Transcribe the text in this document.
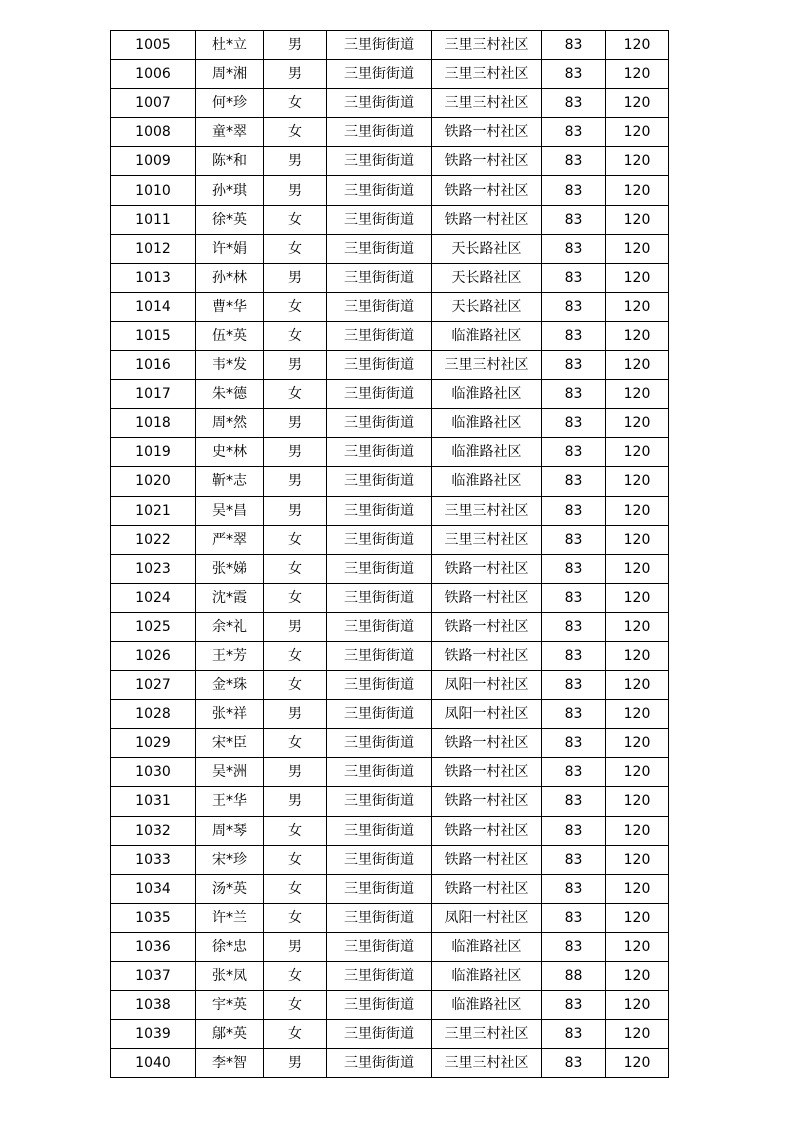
1005	杜*立	男	三里街街道	三里三村社区	83	120
1006	周*湘	男	三里街街道	三里三村社区	83	120
1007	何*珍	女	三里街街道	三里三村社区	83	120
1008	童*翠	女	三里街街道	铁路一村社区	83	120
1009	陈*和	男	三里街街道	铁路一村社区	83	120
1010	孙*琪	男	三里街街道	铁路一村社区	83	120
1011	徐*英	女	三里街街道	铁路一村社区	83	120
1012	许*娟	女	三里街街道	天长路社区	83	120
1013	孙*林	男	三里街街道	天长路社区	83	120
1014	曹*华	女	三里街街道	天长路社区	83	120
1015	伍*英	女	三里街街道	临淮路社区	83	120
1016	韦*发	男	三里街街道	三里三村社区	83	120
1017	朱*德	女	三里街街道	临淮路社区	83	120
1018	周*然	男	三里街街道	临淮路社区	83	120
1019	史*林	男	三里街街道	临淮路社区	83	120
1020	靳*志	男	三里街街道	临淮路社区	83	120
1021	吴*昌	男	三里街街道	三里三村社区	83	120
1022	严*翠	女	三里街街道	三里三村社区	83	120
1023	张*娣	女	三里街街道	铁路一村社区	83	120
1024	沈*霞	女	三里街街道	铁路一村社区	83	120
1025	余*礼	男	三里街街道	铁路一村社区	83	120
1026	王*芳	女	三里街街道	铁路一村社区	83	120
1027	金*珠	女	三里街街道	凤阳一村社区	83	120
1028	张*祥	男	三里街街道	凤阳一村社区	83	120
1029	宋*臣	女	三里街街道	铁路一村社区	83	120
1030	吴*洲	男	三里街街道	铁路一村社区	83	120
1031	王*华	男	三里街街道	铁路一村社区	83	120
1032	周*琴	女	三里街街道	铁路一村社区	83	120
1033	宋*珍	女	三里街街道	铁路一村社区	83	120
1034	汤*英	女	三里街街道	铁路一村社区	83	120
1035	许*兰	女	三里街街道	凤阳一村社区	83	120
1036	徐*忠	男	三里街街道	临淮路社区	83	120
1037	张*凤	女	三里街街道	临淮路社区	88	120
1038	宇*英	女	三里街街道	临淮路社区	83	120
1039	鄔*英	女	三里街街道	三里三村社区	83	120
1040	李*智	男	三里街街道	三里三村社区	83	120
